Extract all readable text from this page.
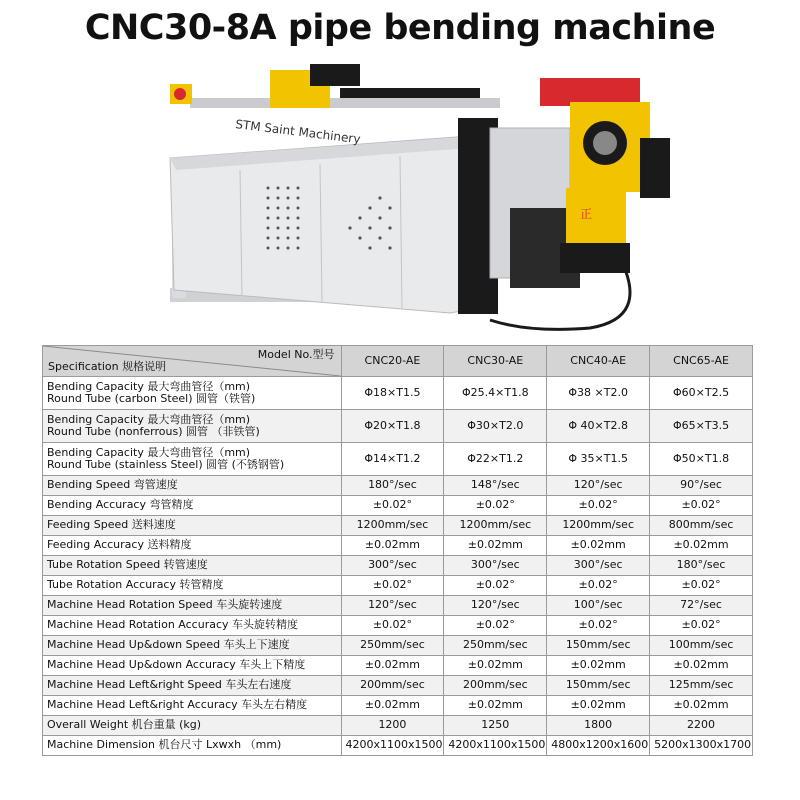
CNC30-8A pipe bending machine
STM Saint Machinery
正
Model No.型号
Specification 规格说明	CNC20-AE	CNC30-AE	CNC40-AE	CNC65-AE

Bending Capacity 最大弯曲管径（mm)
Round Tube (carbon Steel) 圆管（铁管)	Φ18×T1.5	Φ25.4×T1.8	Φ38 ×T2.0	Φ60×T2.5

Bending Capacity 最大弯曲管径（mm)
Round Tube (nonferrous) 圆管 （非铁管)	Φ20×T1.8	Φ30×T2.0	Φ 40×T2.8	Φ65×T3.5

Bending Capacity 最大弯曲管径（mm)
Round Tube (stainless Steel) 圆管 (不锈钢管)	Φ14×T1.2	Φ22×T1.2	Φ 35×T1.5	Φ50×T1.8

Bending Speed 弯管速度	180°/sec	148°/sec	120°/sec	90°/sec

Bending Accuracy 弯管精度	±0.02°	±0.02°	±0.02°	±0.02°

Feeding Speed 送料速度	1200mm/sec	1200mm/sec	1200mm/sec	800mm/sec

Feeding Accuracy 送料精度	±0.02mm	±0.02mm	±0.02mm	±0.02mm

Tube Rotation Speed 转管速度	300°/sec	300°/sec	300°/sec	180°/sec

Tube Rotation Accuracy 转管精度	±0.02°	±0.02°	±0.02°	±0.02°

Machine Head Rotation Speed 车头旋转速度	120°/sec	120°/sec	100°/sec	72°/sec

Machine Head Rotation Accuracy 车头旋转精度	±0.02°	±0.02°	±0.02°	±0.02°

Machine Head Up&down Speed 车头上下速度	250mm/sec	250mm/sec	150mm/sec	100mm/sec

Machine Head Up&down Accuracy 车头上下精度	±0.02mm	±0.02mm	±0.02mm	±0.02mm

Machine Head Left&right Speed 车头左右速度	200mm/sec	200mm/sec	150mm/sec	125mm/sec

Machine Head Left&right Accuracy 车头左右精度	±0.02mm	±0.02mm	±0.02mm	±0.02mm

Overall Weight 机台重量 (kg)	1200	1250	1800	2200

Machine Dimension 机台尺寸 Lxwxh （mm)	4200x1100x1500	4200x1100x1500	4800x1200x1600	5200x1300x1700
